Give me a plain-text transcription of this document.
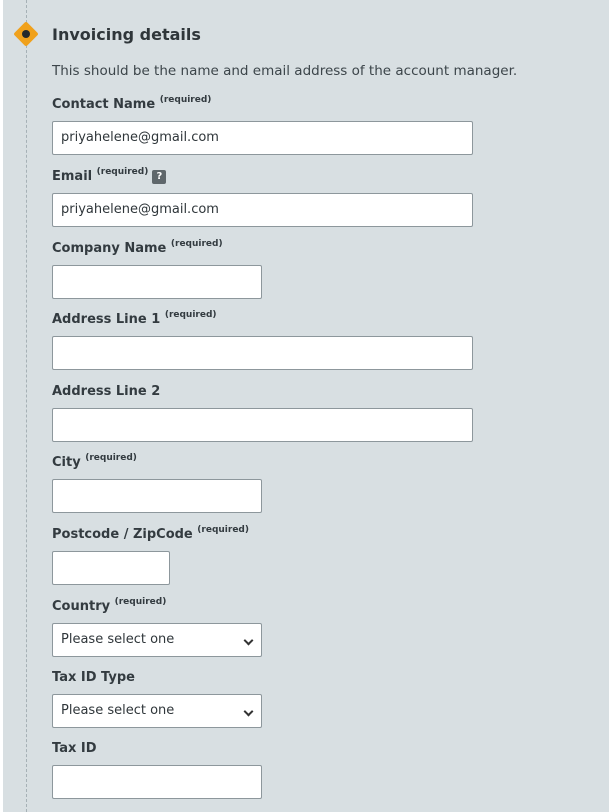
Invoicing details

This should be the name and email address of the account manager.

Contact Name $^{(required)}$
priyahelene@gmail.com
Email $^{(required)}$ ?
priyahelene@gmail.com
Company Name $^{(required)}$
Address Line 1 $^{(required)}$
Address Line 2
City $^{(required)}$
Postcode / ZipCode $^{(required)}$
Country $^{(required)}$
Please select one
Tax ID Type
Please select one
Tax ID
